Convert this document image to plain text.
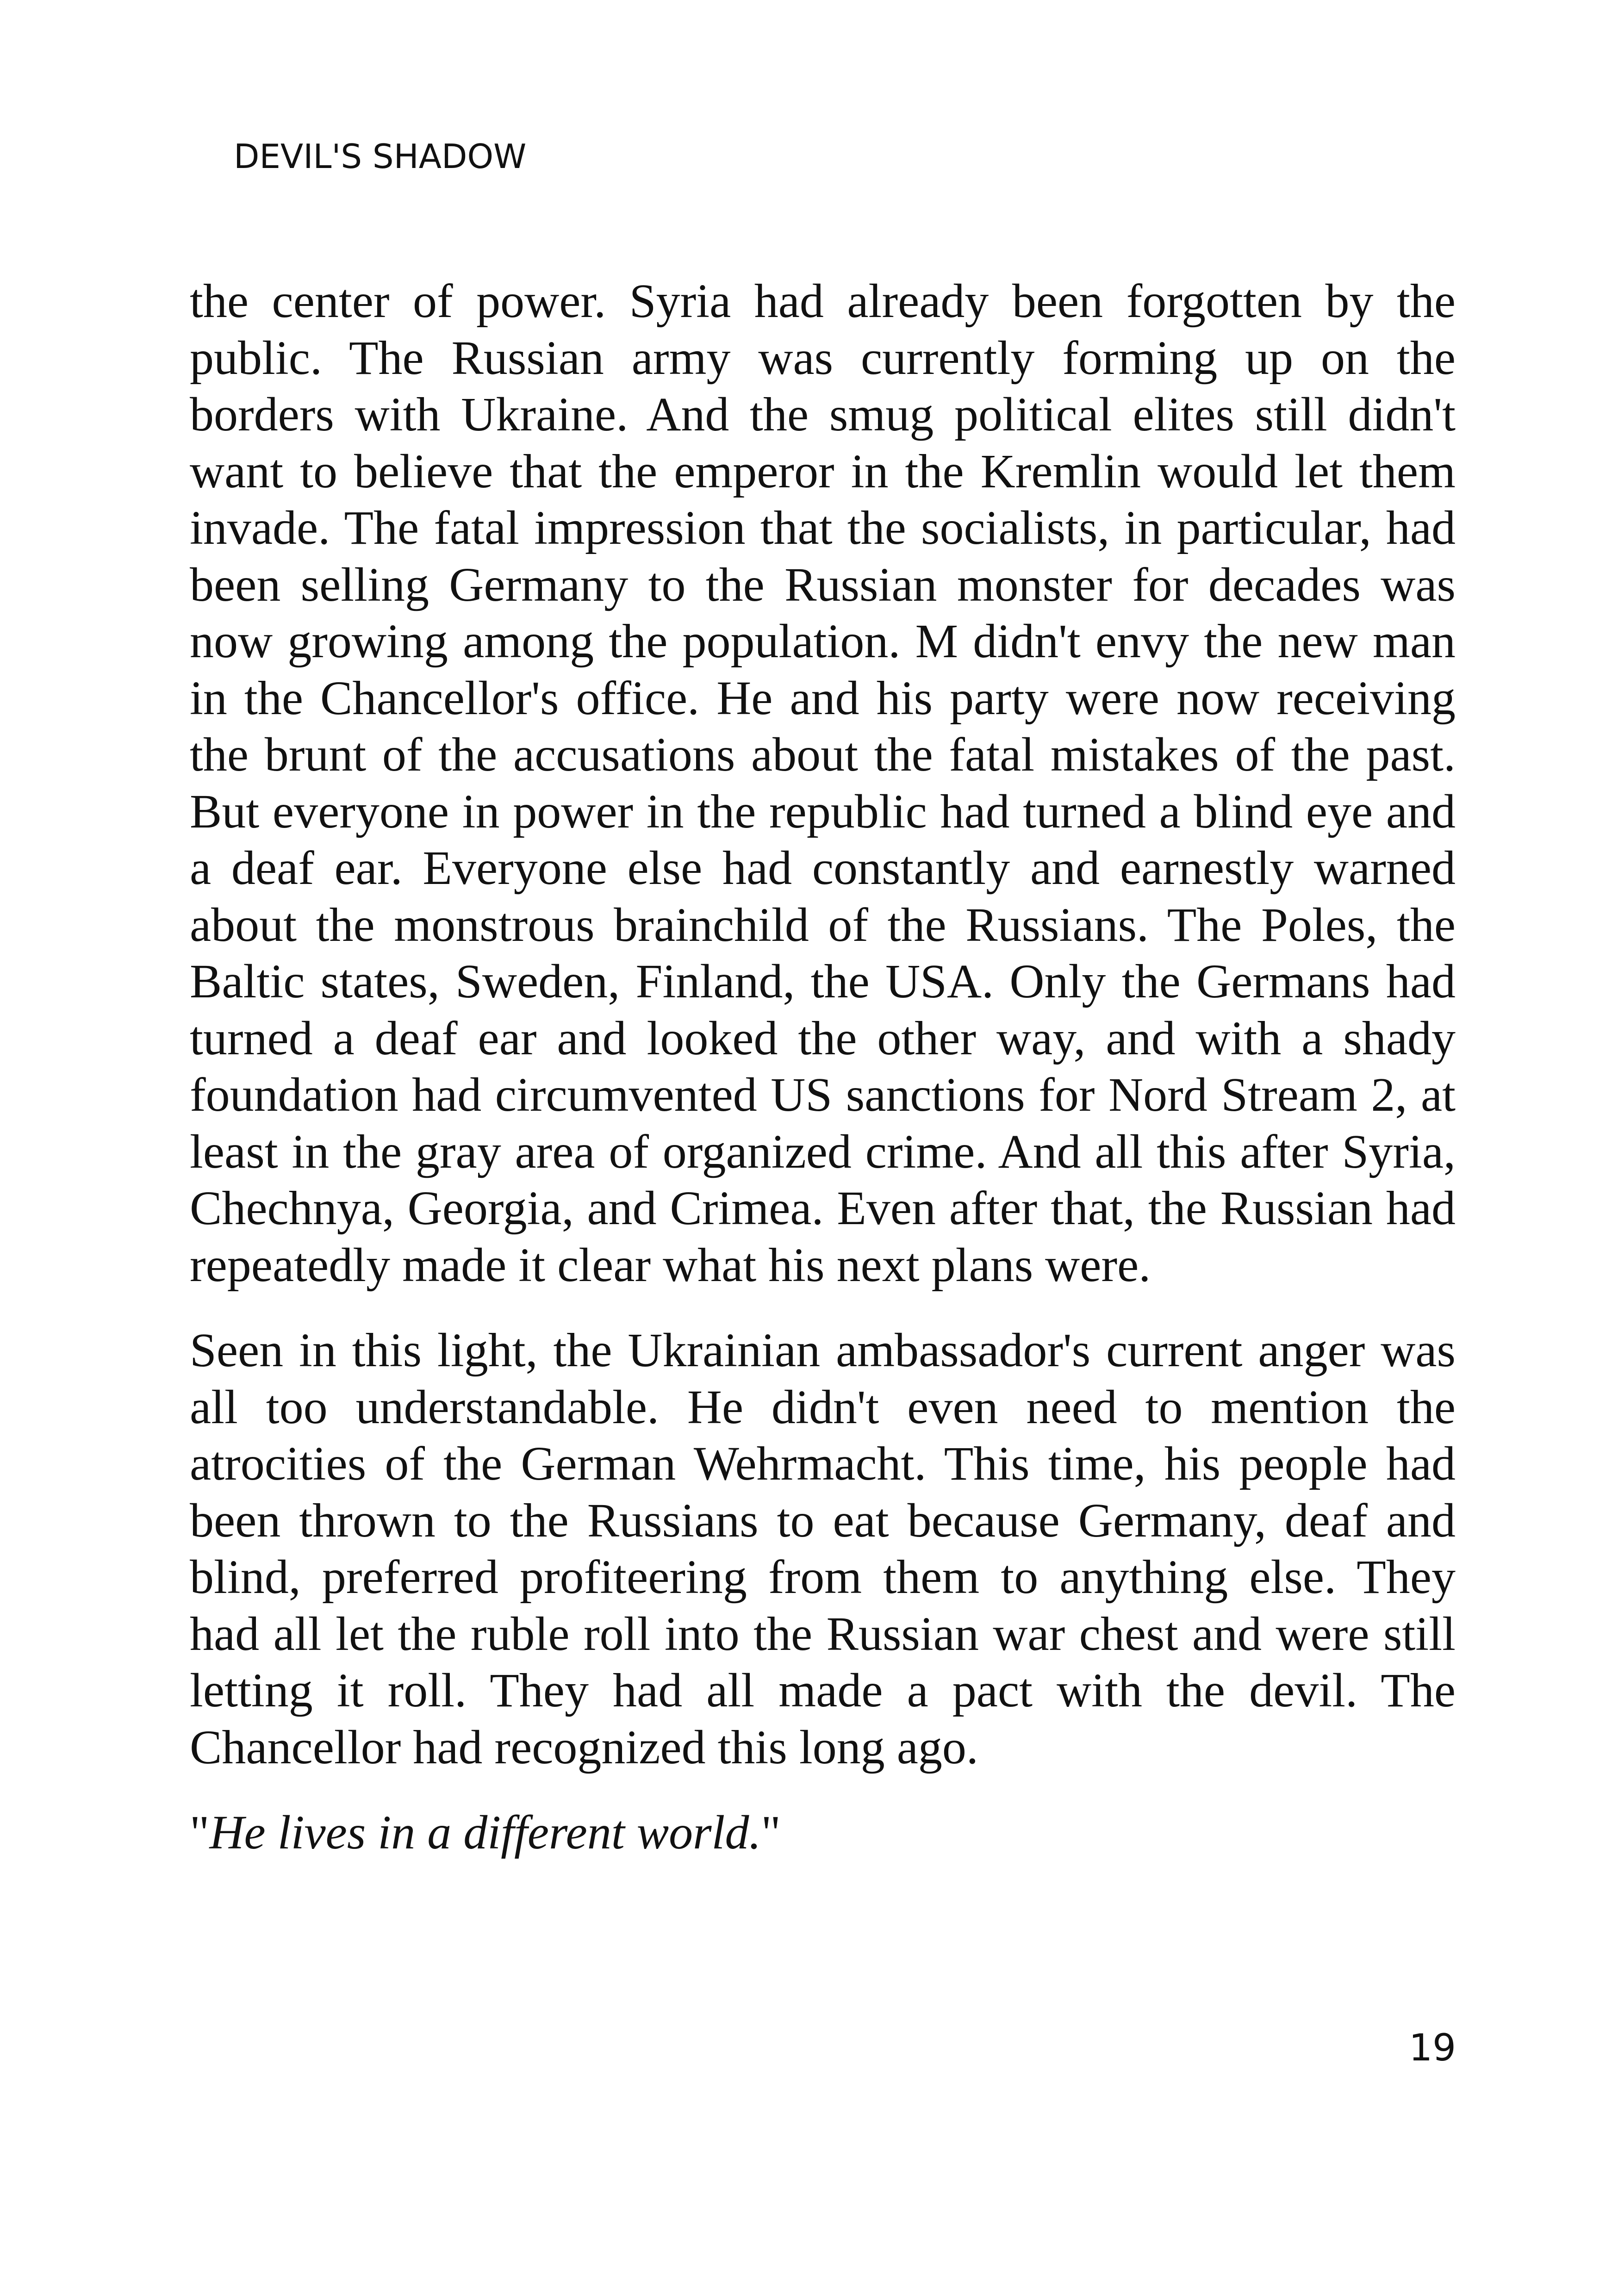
DEVIL'S SHADOW

the center of power. Syria had already been forgotten by the public. The Russian army was currently forming up on the borders with Ukraine. And the smug political elites still didn't want to believe that the emperor in the Kremlin would let them invade. The fatal impression that the socialists, in particular, had been selling Germany to the Russian monster for decades was now growing among the population. M didn't envy the new man in the Chancellor's office. He and his party were now receiving the brunt of the accusations about the fatal mistakes of the past. But everyone in power in the republic had turned a blind eye and a deaf ear. Everyone else had constantly and earnestly warned about the monstrous brainchild of the Russians. The Poles, the Baltic states, Sweden, Finland, the USA. Only the Germans had turned a deaf ear and looked the other way, and with a shady foundation had circumvented US sanctions for Nord Stream 2, at least in the gray area of organized crime. And all this after Syria, Chechnya, Georgia, and Crimea. Even after that, the Russian had repeatedly made it clear what his next plans were.

Seen in this light, the Ukrainian ambassador's current anger was all too understandable. He didn't even need to mention the atrocities of the German Wehrmacht. This time, his people had been thrown to the Russians to eat because Germany, deaf and blind, preferred profiteering from them to anything else. They had all let the ruble roll into the Russian war chest and were still letting it roll. They had all made a pact with the devil. The Chancellor had recognized this long ago.

"He lives in a different world."

19
